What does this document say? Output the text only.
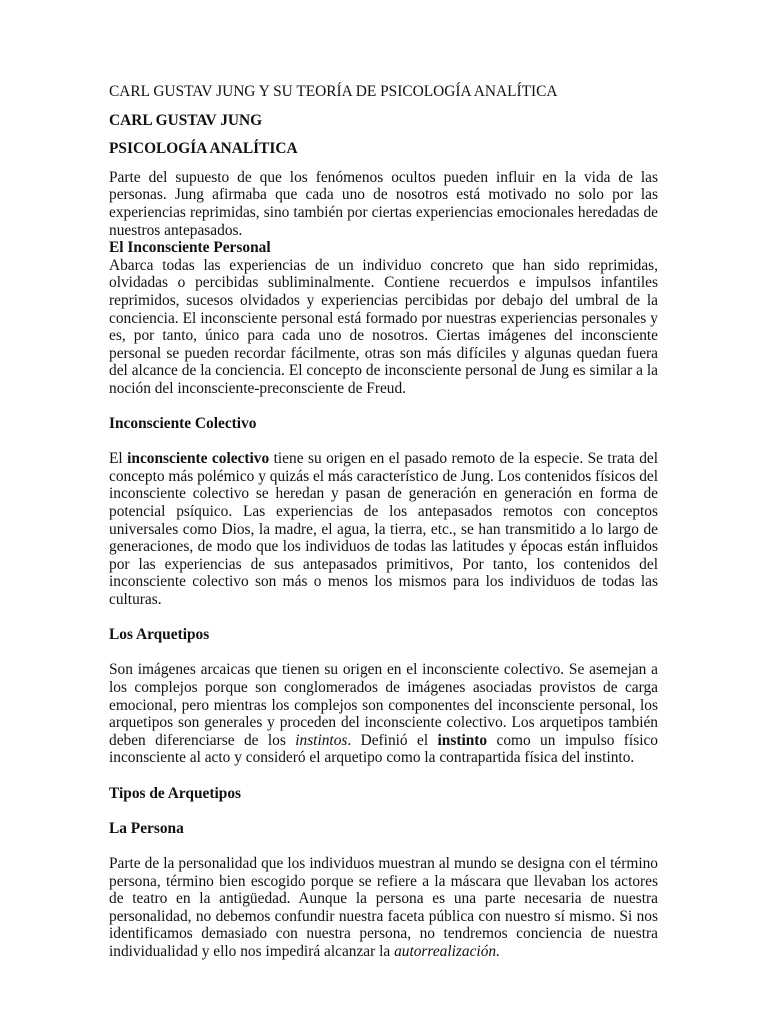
CARL GUSTAV JUNG Y SU TEORÍA DE PSICOLOGÍA ANALÍTICA
CARL GUSTAV JUNG
PSICOLOGÍA ANALÍTICA

Parte del supuesto de que los fenómenos ocultos pueden influir en la vida de las personas. Jung afirmaba que cada uno de nosotros está motivado no solo por las experiencias reprimidas, sino también por ciertas experiencias emocionales heredadas de nuestros antepasados.

El Inconsciente Personal

Abarca todas las experiencias de un individuo concreto que han sido reprimidas, olvidadas o percibidas subliminalmente. Contiene recuerdos e impulsos infantiles reprimidos, sucesos olvidados y experiencias percibidas por debajo del umbral de la conciencia. El inconsciente personal está formado por nuestras experiencias personales y es, por tanto, único para cada uno de nosotros. Ciertas imágenes del inconsciente personal se pueden recordar fácilmente, otras son más difíciles y algunas quedan fuera del alcance de la conciencia. El concepto de inconsciente personal de Jung es similar a la noción del inconsciente-preconsciente de Freud.

Inconsciente Colectivo

El inconsciente colectivo tiene su origen en el pasado remoto de la especie. Se trata del concepto más polémico y quizás el más característico de Jung. Los contenidos físicos del inconsciente colectivo se heredan y pasan de generación en generación en forma de potencial psíquico. Las experiencias de los antepasados remotos con conceptos universales como Dios, la madre, el agua, la tierra, etc., se han transmitido a lo largo de generaciones, de modo que los individuos de todas las latitudes y épocas están influidos por las experiencias de sus antepasados primitivos, Por tanto, los contenidos del inconsciente colectivo son más o menos los mismos para los individuos de todas las culturas.

Los Arquetipos

Son imágenes arcaicas que tienen su origen en el inconsciente colectivo. Se asemejan a los complejos porque son conglomerados de imágenes asociadas provistos de carga emocional, pero mientras los complejos son componentes del inconsciente personal, los arquetipos son generales y proceden del inconsciente colectivo. Los arquetipos también deben diferenciarse de los instintos. Definió el instinto como un impulso físico inconsciente al acto y consideró el arquetipo como la contrapartida física del instinto.

Tipos de Arquetipos
La Persona

Parte de la personalidad que los individuos muestran al mundo se designa con el término persona, término bien escogido porque se refiere a la máscara que llevaban los actores de teatro en la antigüedad. Aunque la persona es una parte necesaria de nuestra personalidad, no debemos confundir nuestra faceta pública con nuestro sí mismo. Si nos identificamos demasiado con nuestra persona, no tendremos conciencia de nuestra individualidad y ello nos impedirá alcanzar la autorrealización.
